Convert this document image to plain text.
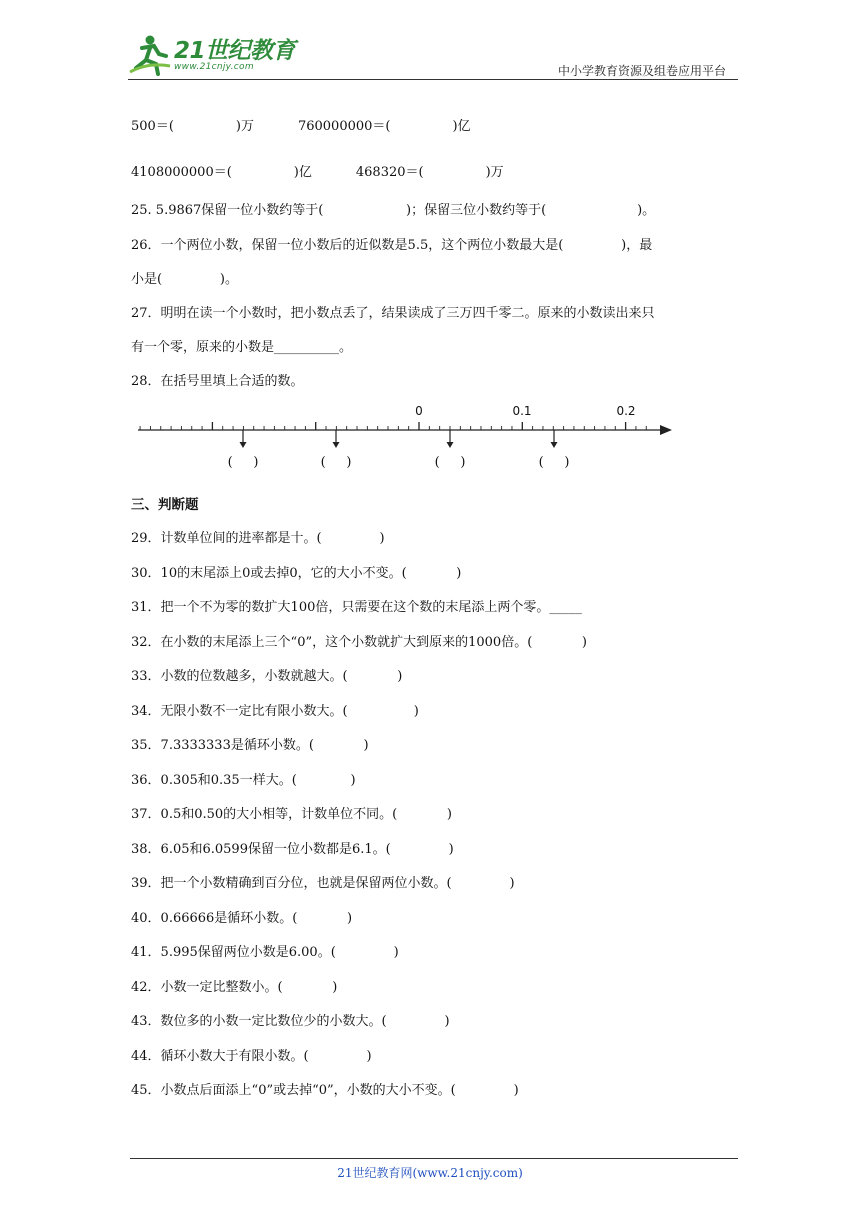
21世纪教育
www.21cnjy.com	中小学教育资源及组卷应用平台
500＝(	)万	760000000＝(	)亿
4108000000＝(	)亿	468320＝(	)万
25. 5.9867保留一位小数约等于(                    )；保留三位小数约等于(                      )。
26．一个两位小数，保留一位小数后的近似数是5.5，这个两位小数最大是(              )，最
小是(              )。
27．明明在读一个小数时，把小数点丢了，结果读成了三万四千零二。原来的小数读出来只
有一个零，原来的小数是__________。
28．在括号里填上合适的数。
0	0.1	0.2
(     )	(     )	(     )	(     )
三、判断题
29．计数单位间的进率都是十。(              )
30．10的末尾添上0或去掉0，它的大小不变。(            )
31．把一个不为零的数扩大100倍，只需要在这个数的末尾添上两个零。_____
32．在小数的末尾添上三个“0”，这个小数就扩大到原来的1000倍。(            )
33．小数的位数越多，小数就越大。(            )
34．无限小数不一定比有限小数大。(                )
35．7.3333333是循环小数。(            )
36．0.305和0.35一样大。(             )
37．0.5和0.50的大小相等，计数单位不同。(            )
38．6.05和6.0599保留一位小数都是6.1。(              )
39．把一个小数精确到百分位，也就是保留两位小数。(              )
40．0.66666是循环小数。(            )
41．5.995保留两位小数是6.00。(              )
42．小数一定比整数小。(            )
43．数位多的小数一定比数位少的小数大。(              )
44．循环小数大于有限小数。(              )
45．小数点后面添上“0”或去掉“0”，小数的大小不变。(              )
21世纪教育网(www.21cnjy.com)
